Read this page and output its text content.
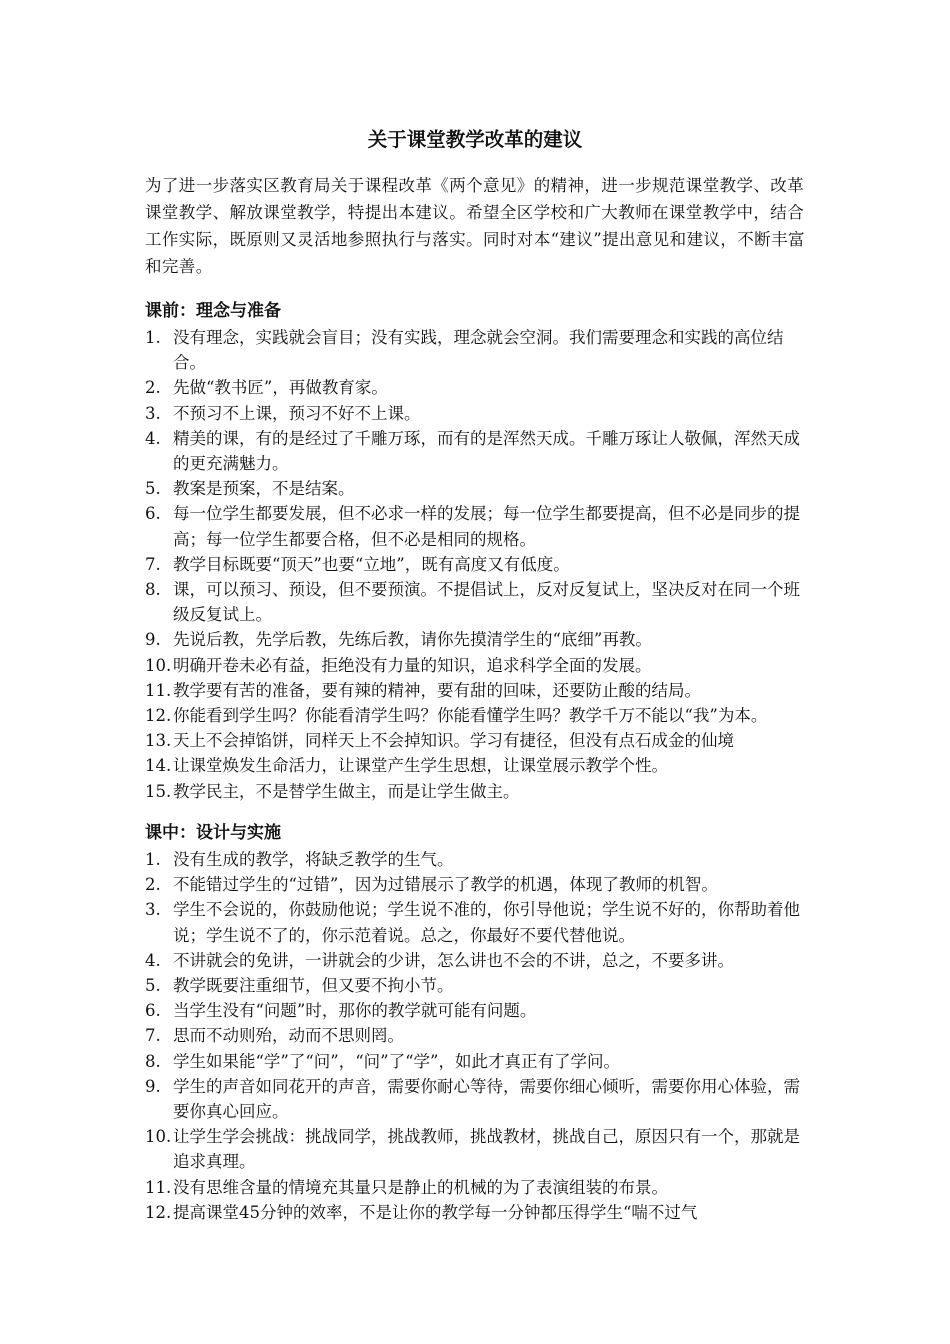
关于课堂教学改革的建议
为了进一步落实区教育局关于课程改革《两个意见》的精神，进一步规范课堂教学、改革课堂教学、解放课堂教学，特提出本建议。希望全区学校和广大教师在课堂教学中，结合工作实际，既原则又灵活地参照执行与落实。同时对本“建议”提出意见和建议，不断丰富和完善。
课前：理念与准备
1. 没有理念，实践就会盲目；没有实践，理念就会空洞。我们需要理念和实践的高位结合。
2. 先做“教书匠”，再做教育家。
3. 不预习不上课，预习不好不上课。
4. 精美的课，有的是经过了千雕万琢，而有的是浑然天成。千雕万琢让人敬佩，浑然天成的更充满魅力。
5. 教案是预案，不是结案。
6. 每一位学生都要发展，但不必求一样的发展；每一位学生都要提高，但不必是同步的提高；每一位学生都要合格，但不必是相同的规格。
7. 教学目标既要“顶天”也要“立地”，既有高度又有低度。
8. 课，可以预习、预设，但不要预演。不提倡试上，反对反复试上，坚决反对在同一个班级反复试上。
9. 先说后教，先学后教，先练后教，请你先摸清学生的“底细”再教。
10. 明确开卷未必有益，拒绝没有力量的知识，追求科学全面的发展。
11. 教学要有苦的准备，要有辣的精神，要有甜的回味，还要防止酸的结局。
12. 你能看到学生吗？你能看清学生吗？你能看懂学生吗？教学千万不能以“我”为本。
13. 天上不会掉馅饼，同样天上不会掉知识。学习有捷径，但没有点石成金的仙境
14. 让课堂焕发生命活力，让课堂产生学生思想，让课堂展示教学个性。
15. 教学民主，不是替学生做主，而是让学生做主。
课中：设计与实施
1. 没有生成的教学，将缺乏教学的生气。
2. 不能错过学生的“过错”，因为过错展示了教学的机遇，体现了教师的机智。
3. 学生不会说的，你鼓励他说；学生说不准的，你引导他说；学生说不好的，你帮助着他说；学生说不了的，你示范着说。总之，你最好不要代替他说。
4. 不讲就会的免讲，一讲就会的少讲，怎么讲也不会的不讲，总之，不要多讲。
5. 教学既要注重细节，但又要不拘小节。
6. 当学生没有“问题”时，那你的教学就可能有问题。
7. 思而不动则殆，动而不思则罔。
8. 学生如果能“学”了“问”，“问”了“学”，如此才真正有了学问。
9. 学生的声音如同花开的声音，需要你耐心等待，需要你细心倾听，需要你用心体验，需要你真心回应。
10. 让学生学会挑战：挑战同学，挑战教师，挑战教材，挑战自己，原因只有一个，那就是追求真理。
11. 没有思维含量的情境充其量只是静止的机械的为了表演组装的布景。
12. 提高课堂45分钟的效率，不是让你的教学每一分钟都压得学生“喘不过气
